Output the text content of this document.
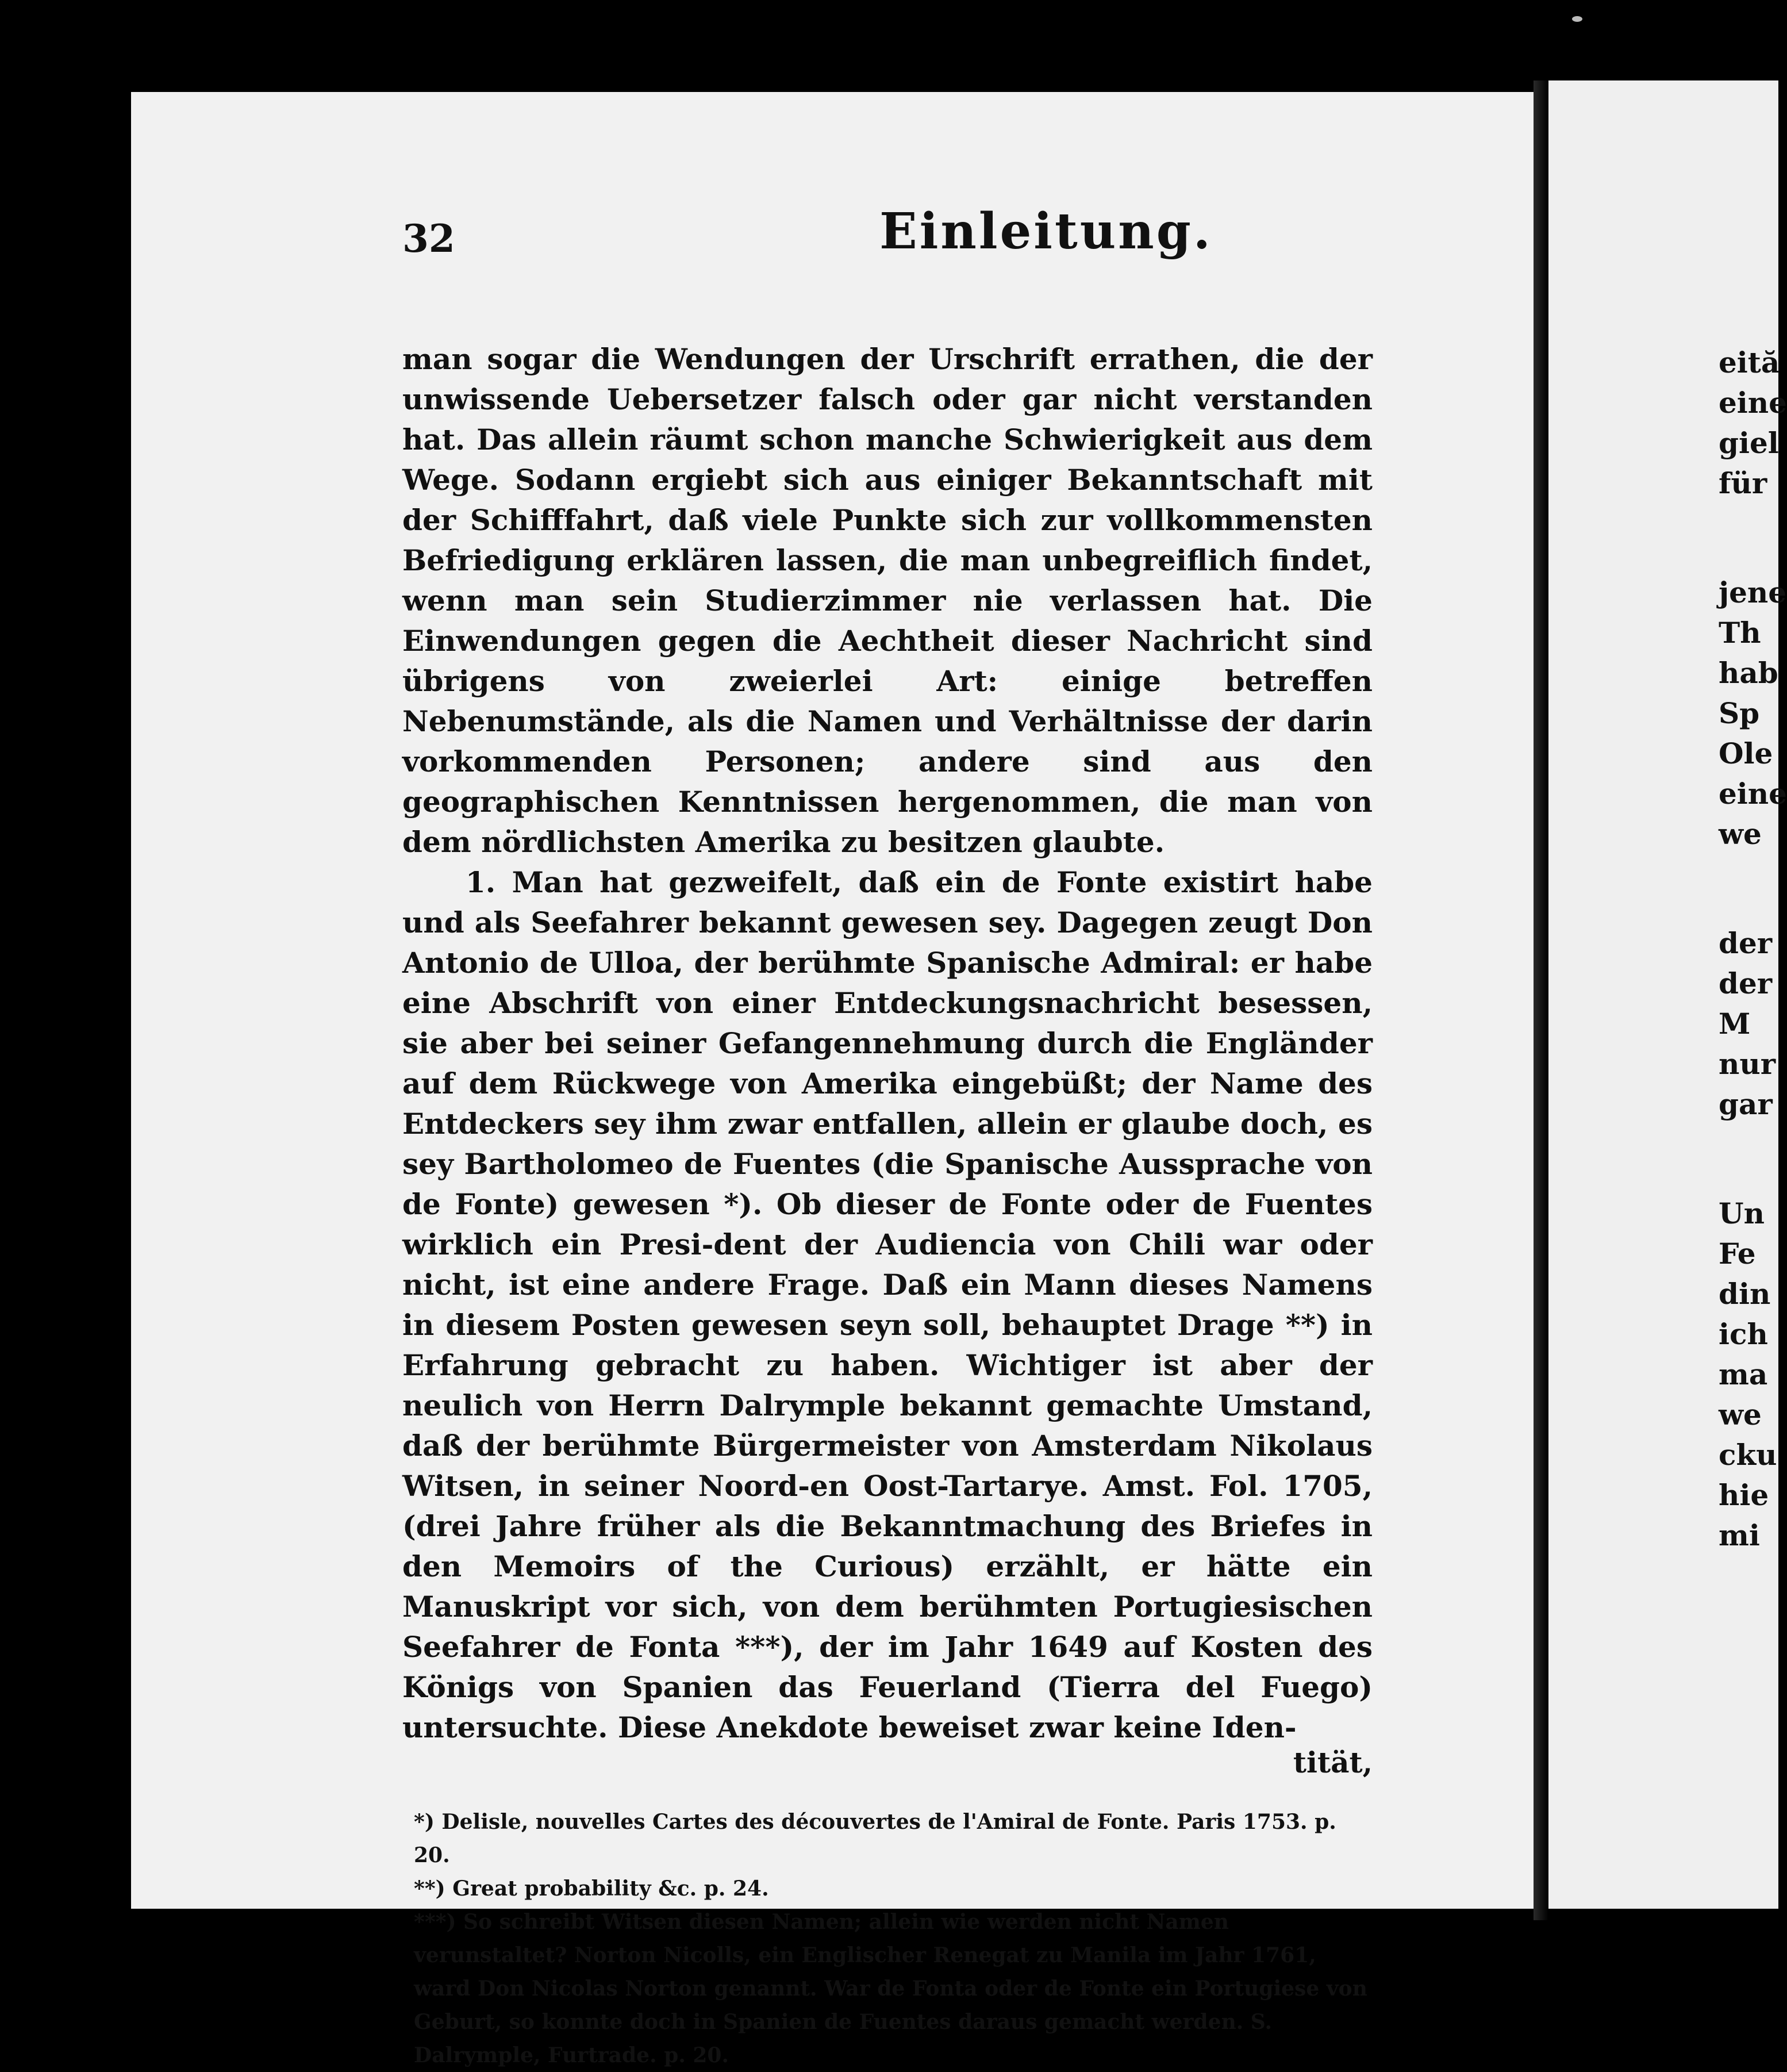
32	Einleitung.

man sogar die Wendungen der Urschrift errathen, die der unwissende Uebersetzer falsch oder gar nicht verstanden hat. Das allein räumt schon manche Schwierigkeit aus dem Wege. Sodann ergiebt sich aus einiger Bekanntschaft mit der Schifffahrt, daß viele Punkte sich zur vollkommensten Befriedigung erklären lassen, die man unbegreiflich findet, wenn man sein Studierzimmer nie verlassen hat. Die Einwendungen gegen die Aechtheit dieser Nachricht sind übrigens von zweierlei Art: einige betreffen Nebenumstände, als die Namen und Verhältnisse der darin vorkommenden Personen; andere sind aus den geographischen Kenntnissen hergenommen, die man von dem nördlichsten Amerika zu besitzen glaubte.

1. Man hat gezweifelt, daß ein de Fonte existirt habe und als Seefahrer bekannt gewesen sey. Dagegen zeugt Don Antonio de Ulloa, der berühmte Spanische Admiral: er habe eine Abschrift von einer Entdeckungsnachricht besessen, sie aber bei seiner Gefangennehmung durch die Engländer auf dem Rückwege von Amerika eingebüßt; der Name des Entdeckers sey ihm zwar entfallen, allein er glaube doch, es sey Bartholomeo de Fuentes (die Spanische Aussprache von de Fonte) gewesen *). Ob dieser de Fonte oder de Fuentes wirklich ein Presi-dent der Audiencia von Chili war oder nicht, ist eine andere Frage. Daß ein Mann dieses Namens in diesem Posten gewesen seyn soll, behauptet Drage **) in Erfahrung gebracht zu haben. Wichtiger ist aber der neulich von Herrn Dalrymple bekannt gemachte Umstand, daß der berühmte Bürgermeister von Amsterdam Nikolaus Witsen, in seiner Noord-en Oost-Tartarye. Amst. Fol. 1705, (drei Jahre früher als die Bekanntmachung des Briefes in den Memoirs of the Curious) erzählt, er hätte ein Manuskript vor sich, von dem berühmten Portugiesischen Seefahrer de Fonta ***), der im Jahr 1649 auf Kosten des Königs von Spanien das Feuerland (Tierra del Fuego) untersuchte. Diese Anekdote beweiset zwar keine Iden-

tität,
*) Delisle, nouvelles Cartes des découvertes de l'Amiral de Fonte. Paris 1753. p. 20.
**) Great probability &c. p. 24.
***) So schreibt Witsen diesen Namen; allein wie werden nicht Namen verunstaltet? Norton Nicolls, ein Englischer Renegat zu Manila im Jahr 1761, ward Don Nicolas Norton genannt. War de Fonta oder de Fonte ein Portugiese von Geburt, so konnte doch in Spanien de Fuentes daraus gemacht werden. S. Dalrymple, Furtrade. p. 20.
eită
eine
giel
für
jene
Th
hab
Sp
Ole
eine
we
der
der
M
nur
gar
Un
Fe
din
ich
ma
we
cku
hie
mi
